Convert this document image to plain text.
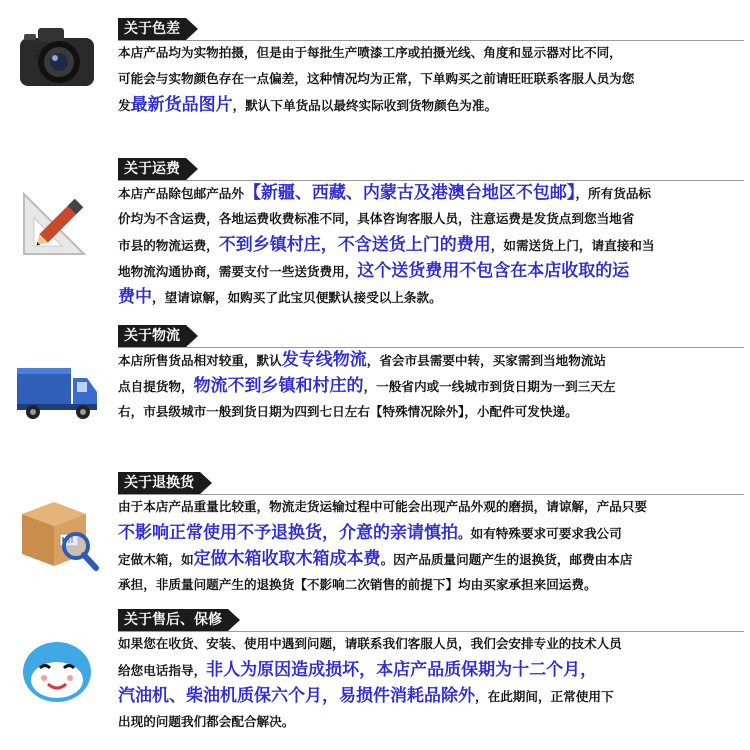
关于色差
本店产品均为实物拍摄，但是由于每批生产喷漆工序或拍摄光线、角度和显示器对比不同，
可能会与实物颜色存在一点偏差，这种情况均为正常，下单购买之前请旺旺联系客服人员为您
发最新货品图片，默认下单货品以最终实际收到货物颜色为准。
关于运费
本店产品除包邮产品外【新疆、西藏、内蒙古及港澳台地区不包邮】，所有货品标
价均为不含运费，各地运费收费标准不同，具体咨询客服人员，注意运费是发货点到您当地省
市县的物流运费，不到乡镇村庄，不含送货上门的费用，如需送货上门，请直接和当
地物流沟通协商，需要支付一些送货费用，这个送货费用不包含在本店收取的运
费中，望请谅解，如购买了此宝贝便默认接受以上条款。
关于物流
本店所售货品相对较重，默认发专线物流，省会市县需要中转，买家需到当地物流站
点自提货物，物流不到乡镇和村庄的，一般省内或一线城市到货日期为一到三天左
右，市县级城市一般到货日期为四到七日左右【特殊情况除外】，小配件可发快递。
关于退换货
由于本店产品重量比较重，物流走货运输过程中可能会出现产品外观的磨损，请谅解，产品只要
不影响正常使用不予退换货，介意的亲请慎拍。如有特殊要求可要求我公司
定做木箱，如定做木箱收取木箱成本费。因产品质量问题产生的退换货，邮费由本店
承担，非质量问题产生的退换货【不影响二次销售的前提下】均由买家承担来回运费。
关于售后、保修
如果您在收货、安装、使用中遇到问题，请联系我们客服人员，我们会安排专业的技术人员
给您电话指导，非人为原因造成损坏，本店产品质保期为十二个月，
汽油机、柴油机质保六个月，易损件消耗品除外，在此期间，正常使用下
出现的问题我们都会配合解决。
